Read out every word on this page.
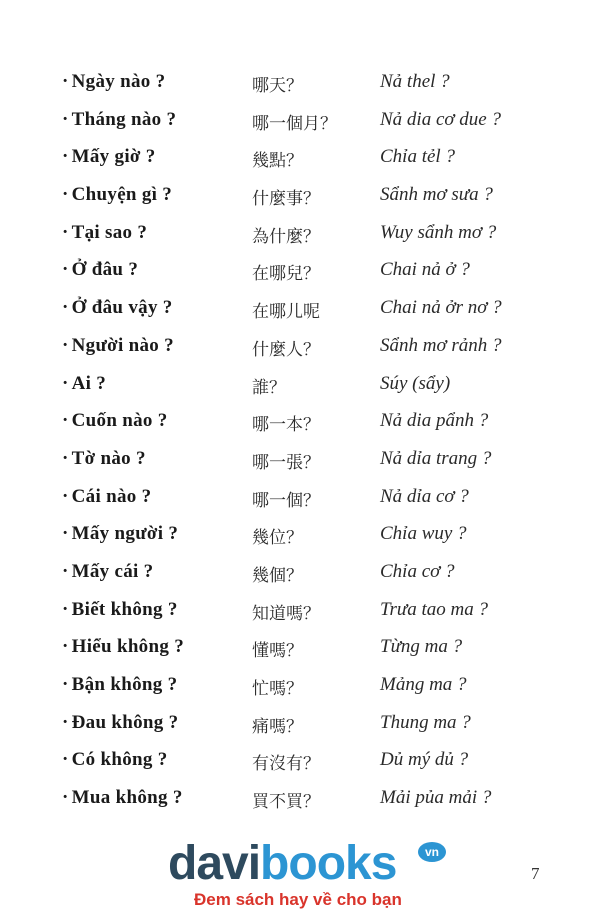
· Ngày nào ?	哪天？	Nả thel ?
· Tháng nào ?	哪一個月？ Nả dia cơ due ?
· Mấy giờ ?	幾點？	Chỉa tẻl ?
· Chuyện gì ?	什麼事？	Sẩnh mơ sưa ?
· Tại sao ?	為什麼？	Wuy sẩnh mơ ?
· Ở đâu ?	在哪兒？	Chai nả ở ?
· Ở đâu vậy ?	在哪儿呢	Chai nả ởr nơ ?
· Người nào ?	什麼人？	Sẩnh mơ rảnh ?
· Ai ?	誰？	Súy (sẩy)
· Cuốn nào ?	哪一本？	Nả dia pẩnh ?
· Tờ nào ?	哪一張？	Nả dỉa trang ?
· Cái nào ?	哪一個？	Nả dỉa cơ ?
· Mấy người ?	幾位？	Chỉa wuy ?
· Mấy cái ?	幾個？	Chỉa cơ ?
· Biết không ?	知道嗎？	Trưa tao ma ?
· Hiểu không ?	懂嗎？	Từng ma ?
· Bận không ?	忙嗎？	Mảng ma ?
· Đau không ?	痛嗎？	Thung ma ?
· Có không ?	有沒有？	Dủ mý dủ ?
· Mua không ?	買不買？	Mải pủa mải ?
7
davibooks	vn
Đem sách hay về cho bạn
